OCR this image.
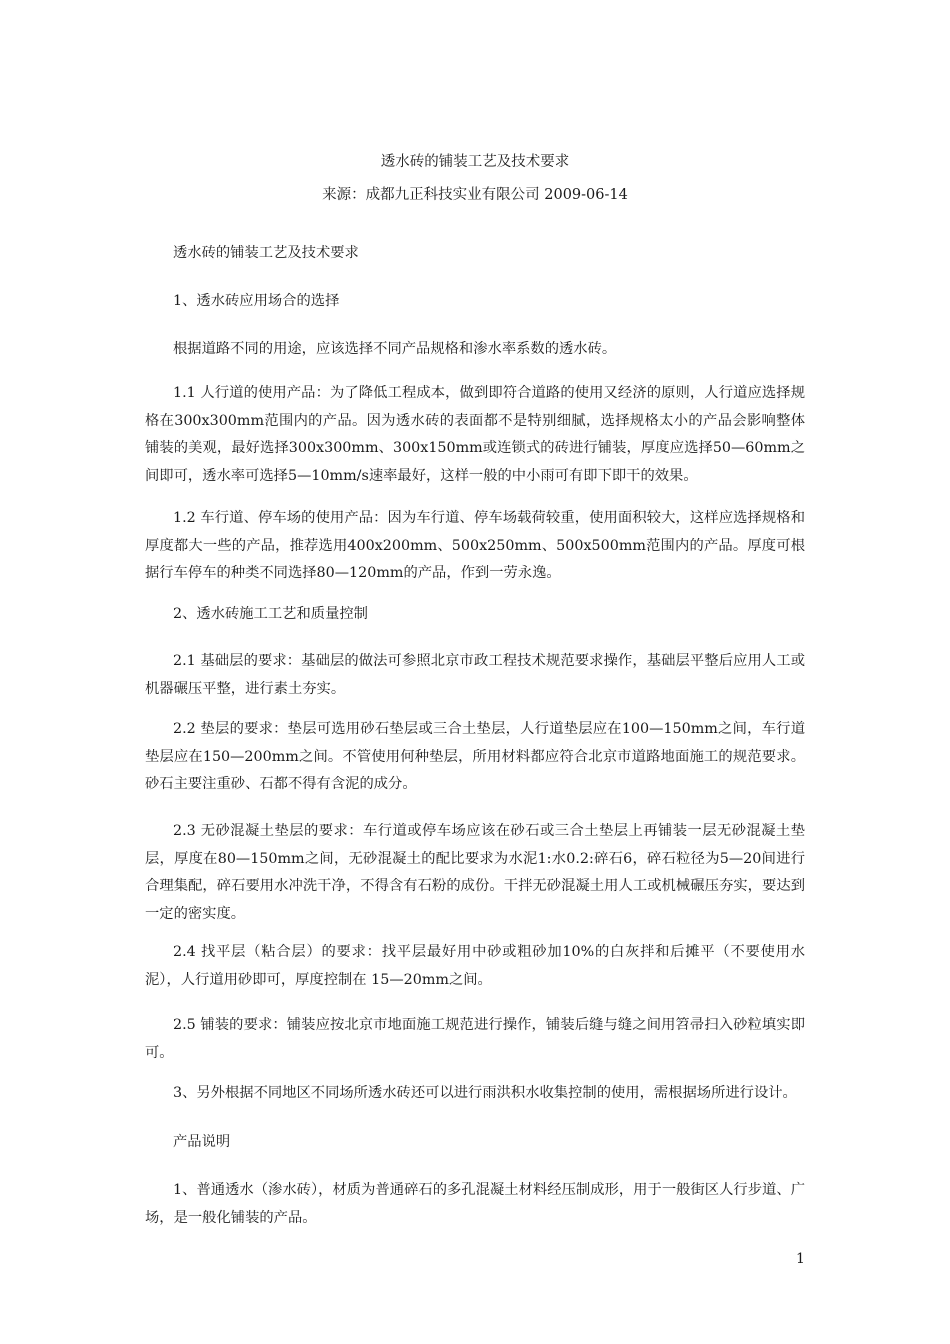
透水砖的铺装工艺及技术要求
来源：成都九正科技实业有限公司 2009-06-14
透水砖的铺装工艺及技术要求
1、透水砖应用场合的选择
根据道路不同的用途，应该选择不同产品规格和渗水率系数的透水砖。
1.1 人行道的使用产品：为了降低工程成本，做到即符合道路的使用又经济的原则，人行道应选择规格在300x300mm范围内的产品。因为透水砖的表面都不是特别细腻，选择规格太小的产品会影响整体铺装的美观，最好选择300x300mm、300x150mm或连锁式的砖进行铺装，厚度应选择50—60mm之间即可，透水率可选择5—10mm/s速率最好，这样一般的中小雨可有即下即干的效果。
1.2 车行道、停车场的使用产品：因为车行道、停车场载荷较重，使用面积较大，这样应选择规格和厚度都大一些的产品，推荐选用400x200mm、500x250mm、500x500mm范围内的产品。厚度可根据行车停车的种类不同选择80—120mm的产品，作到一劳永逸。
2、透水砖施工工艺和质量控制
2.1 基础层的要求：基础层的做法可参照北京市政工程技术规范要求操作，基础层平整后应用人工或机器碾压平整，进行素土夯实。
2.2 垫层的要求：垫层可选用砂石垫层或三合土垫层，人行道垫层应在100—150mm之间，车行道垫层应在150—200mm之间。不管使用何种垫层，所用材料都应符合北京市道路地面施工的规范要求。砂石主要注重砂、石都不得有含泥的成分。
2.3 无砂混凝土垫层的要求：车行道或停车场应该在砂石或三合土垫层上再铺装一层无砂混凝土垫层，厚度在80—150mm之间，无砂混凝土的配比要求为水泥1:水0.2:碎石6，碎石粒径为5—20间进行合理集配，碎石要用水冲洗干净，不得含有石粉的成份。干拌无砂混凝土用人工或机械碾压夯实，要达到一定的密实度。
2.4 找平层（粘合层）的要求：找平层最好用中砂或粗砂加10%的白灰拌和后摊平（不要使用水泥），人行道用砂即可，厚度控制在 15—20mm之间。
2.5 铺装的要求：铺装应按北京市地面施工规范进行操作，铺装后缝与缝之间用笤帚扫入砂粒填实即可。
3、另外根据不同地区不同场所透水砖还可以进行雨洪积水收集控制的使用，需根据场所进行设计。
产品说明
1、普通透水（渗水砖），材质为普通碎石的多孔混凝土材料经压制成形，用于一般街区人行步道、广场，是一般化铺装的产品。
1
